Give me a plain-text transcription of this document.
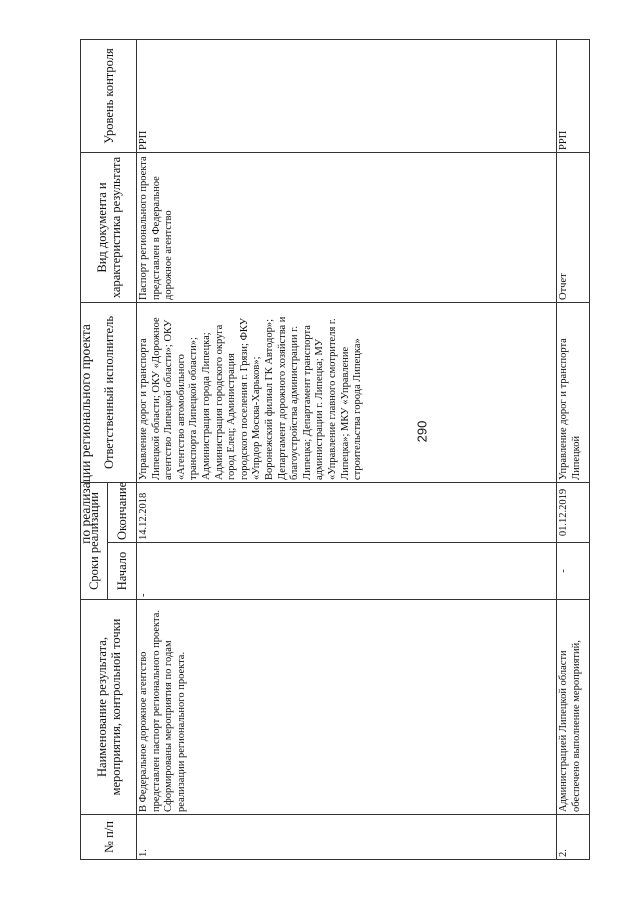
290
по реализации регионального проекта
№ п/п	Наименование результата, мероприятия, контрольной точки	Сроки реализации		Ответственный исполнитель	Вид документа и характеристика результата	Уровень контроля
		Начало	Окончание			
1.	В Федеральное дорожное агентство представлен паспорт регионального проекта. Сформированы мероприятия по годам реализации регионального проекта.	-	14.12.2018	Управление дорог и транспорта Липецкой области; ОКУ «Дорожное агентство Липецкой области»; ОКУ «Агентство автомобильного транспорта Липецкой области»; Администрация города Липецка; Администрация городского округа город Елец; Администрация городского поселения г. Грязи; ФКУ «Упрдор Москва-Харьков»; Воронежский филиал ГК Автодор»; Департамент дорожного хозяйства и благоустройства администрации г. Липецка; Департамент транспорта администрации г. Липецка; МУ «Управление главного смотрителя г. Липецка»; МКУ «Управление строительства города Липецка»	Паспорт регионального проекта представлен в Федеральное дорожное агентство	РРП
2.	Администрацией Липецкой области обеспечено выполнение мероприятий,	-	01.12.2019	Управление дорог и транспорта Липецкой	Отчет	РРП
